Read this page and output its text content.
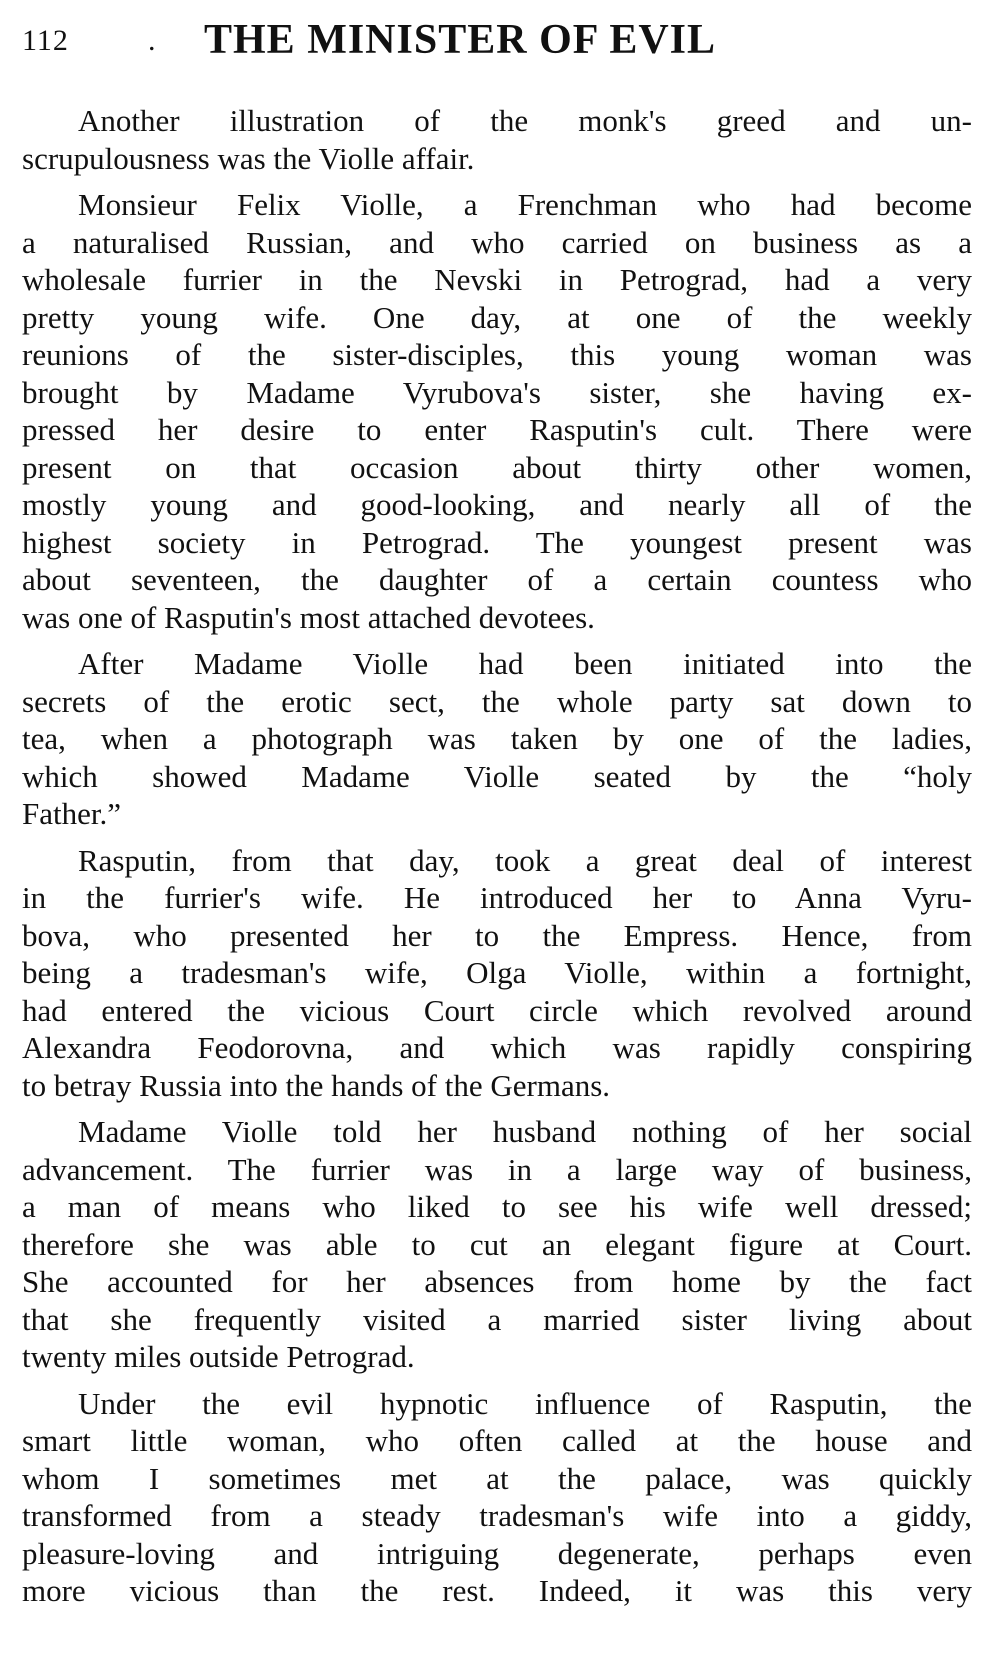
112	. THE MINISTER OF EVIL

Another illustration of the monk's greed and un-
scrupulousness was the Violle affair.

Monsieur Felix Violle, a Frenchman who had become
a naturalised Russian, and who carried on business as a
wholesale furrier in the Nevski in Petrograd, had a very
pretty young wife. One day, at one of the weekly
reunions of the sister-disciples, this young woman was
brought by Madame Vyrubova's sister, she having ex-
pressed her desire to enter Rasputin's cult. There were
present on that occasion about thirty other women,
mostly young and good-looking, and nearly all of the
highest society in Petrograd. The youngest present was
about seventeen, the daughter of a certain countess who
was one of Rasputin's most attached devotees.

After Madame Violle had been initiated into the
secrets of the erotic sect, the whole party sat down to
tea, when a photograph was taken by one of the ladies,
which showed Madame Violle seated by the “holy
Father.”

Rasputin, from that day, took a great deal of interest
in the furrier's wife. He introduced her to Anna Vyru-
bova, who presented her to the Empress. Hence, from
being a tradesman's wife, Olga Violle, within a fortnight,
had entered the vicious Court circle which revolved around
Alexandra Feodorovna, and which was rapidly conspiring
to betray Russia into the hands of the Germans.

Madame Violle told her husband nothing of her social
advancement. The furrier was in a large way of business,
a man of means who liked to see his wife well dressed;
therefore she was able to cut an elegant figure at Court.
She accounted for her absences from home by the fact
that she frequently visited a married sister living about
twenty miles outside Petrograd.

Under the evil hypnotic influence of Rasputin, the
smart little woman, who often called at the house and
whom I sometimes met at the palace, was quickly
transformed from a steady tradesman's wife into a giddy,
pleasure-loving and intriguing degenerate, perhaps even
more vicious than the rest. Indeed, it was this very
